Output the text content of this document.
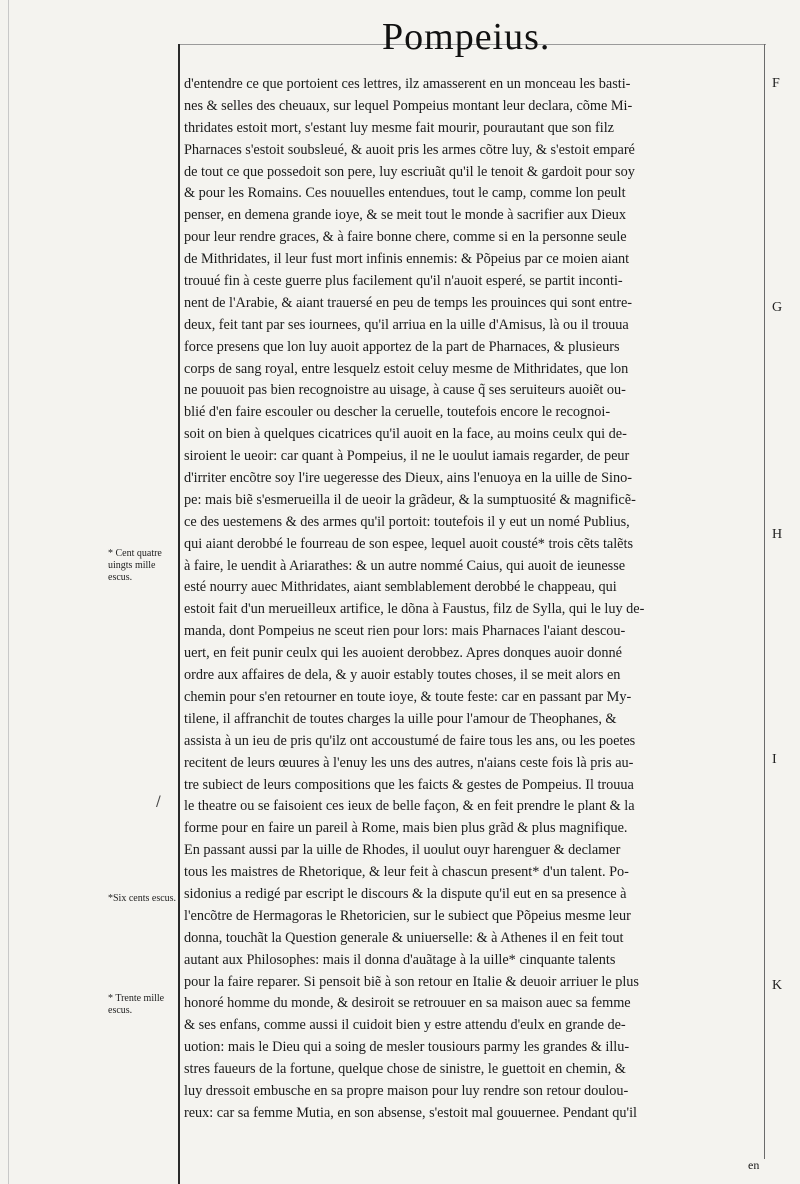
Pompeius.
d'entendre ce que portoient ces lettres, ilz amasserent en un monceau les basti-
nes & selles des cheuaux, sur lequel Pompeius montant leur declara, cõme Mi-
thridates estoit mort, s'estant luy mesme fait mourir, pourautant que son filz
Pharnaces s'estoit soubsleué, & auoit pris les armes cõtre luy, & s'estoit emparé
de tout ce que possedoit son pere, luy escriuãt qu'il le tenoit & gardoit pour soy
& pour les Romains. Ces nouuelles entendues, tout le camp, comme lon peult
penser, en demena grande ioye, & se meit tout le monde à sacrifier aux Dieux
pour leur rendre graces, & à faire bonne chere, comme si en la personne seule
de Mithridates, il leur fust mort infinis ennemis: & Põpeius par ce moien aiant
trouué fin à ceste guerre plus facilement qu'il n'auoit esperé, se partit inconti-
nent de l'Arabie, & aiant trauersé en peu de temps les prouinces qui sont entre-
deux, feit tant par ses iournees, qu'il arriua en la uille d'Amisus, là ou il trouua
force presens que lon luy auoit apportez de la part de Pharnaces, & plusieurs
corps de sang royal, entre lesquelz estoit celuy mesme de Mithridates, que lon
ne pouuoit pas bien recognoistre au uisage, à cause q̃ ses seruiteurs auoiẽt ou-
blié d'en faire escouler ou descher la ceruelle, toutefois encore le recognoi-
soit on bien à quelques cicatrices qu'il auoit en la face, au moins ceulx qui de-
siroient le ueoir: car quant à Pompeius, il ne le uoulut iamais regarder, de peur
d'irriter encõtre soy l'ire uegeresse des Dieux, ains l'enuoya en la uille de Sino-
pe: mais biẽ s'esmerueilla il de ueoir la grãdeur, & la sumptuosité & magnificẽ-
ce des uestemens & des armes qu'il portoit: toutefois il y eut un nomé Publius,
qui aiant derobbé le fourreau de son espee, lequel auoit cousté* trois cẽts talẽts
à faire, le uendit à Ariarathes: & un autre nommé Caius, qui auoit de ieunesse
esté nourry auec Mithridates, aiant semblablement derobbé le chappeau, qui
estoit fait d'un merueilleux artifice, le dõna à Faustus, filz de Sylla, qui le luy de-
manda, dont Pompeius ne sceut rien pour lors: mais Pharnaces l'aiant descou-
uert, en feit punir ceulx qui les auoient derobbez. Apres donques auoir donné
ordre aux affaires de dela, & y auoir estably toutes choses, il se meit alors en
chemin pour s'en retourner en toute ioye, & toute feste: car en passant par My-
tilene, il affranchit de toutes charges la uille pour l'amour de Theophanes, &
assista à un ieu de pris qu'ilz ont accoustumé de faire tous les ans, ou les poetes
recitent de leurs œuures à l'enuy les uns des autres, n'aians ceste fois là pris au-
tre subiect de leurs compositions que les faicts & gestes de Pompeius. Il trouua
le theatre ou se faisoient ces ieux de belle façon, & en feit prendre le plant & la
forme pour en faire un pareil à Rome, mais bien plus grãd & plus magnifique.
En passant aussi par la uille de Rhodes, il uoulut ouyr harenguer & declamer
tous les maistres de Rhetorique, & leur feit à chascun present* d'un talent. Po-
sidonius a redigé par escript le discours & la dispute qu'il eut en sa presence à
l'encõtre de Hermagoras le Rhetoricien, sur le subiect que Põpeius mesme leur
donna, touchãt la Question generale & uniuerselle: & à Athenes il en feit tout
autant aux Philosophes: mais il donna d'auãtage à la uille* cinquante talents
pour la faire reparer. Si pensoit biẽ à son retour en Italie & deuoir arriuer le plus
honoré homme du monde, & desiroit se retrouuer en sa maison auec sa femme
& ses enfans, comme aussi il cuidoit bien y estre attendu d'eulx en grande de-
uotion: mais le Dieu qui a soing de mesler tousiours parmy les grandes & illu-
stres faueurs de la fortune, quelque chose de sinistre, le guettoit en chemin, &
luy dressoit embusche en sa propre maison pour luy rendre son retour doulou-
reux: car sa femme Mutia, en son absense, s'estoit mal gouuernee. Pendant qu'il
F
G
H
I
K
* Cent quatre uingts mille escus.
*Six cents escus.
* Trente mille escus.
/
en
